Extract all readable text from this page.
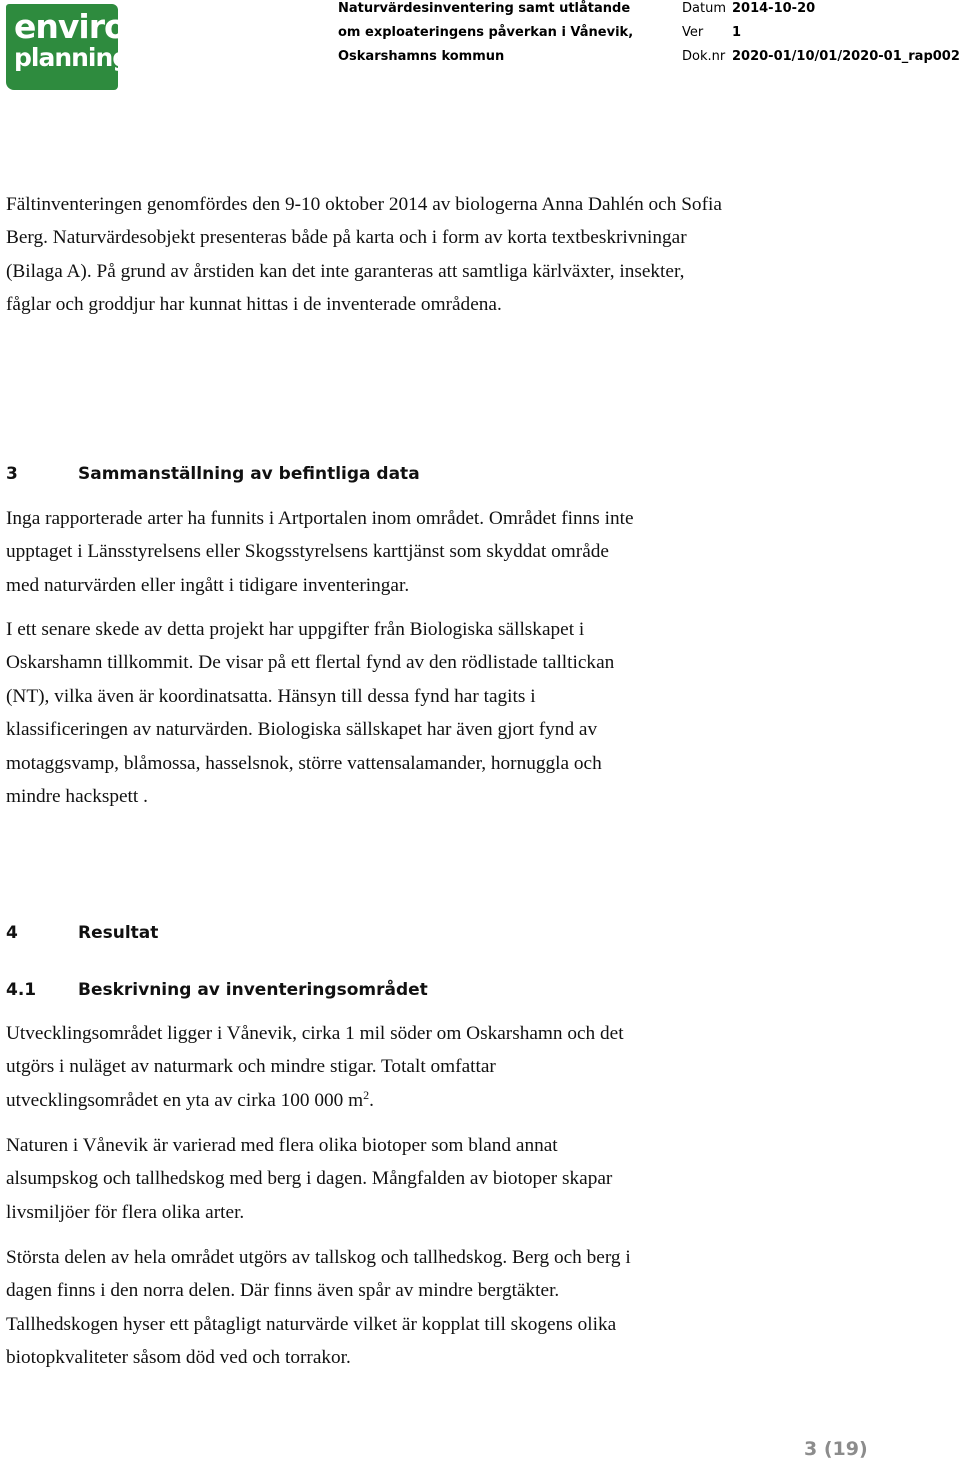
enviro
planning
Naturvärdesinventering samt utlåtande
om exploateringens påverkan i Vånevik,
Oskarshamns kommun
Datum 2014-10-20
Ver 1
Dok.nr 2020-01/10/01/2020-01_rap002

Fältinventeringen genomfördes den 9-10 oktober 2014 av biologerna Anna Dahlén och Sofia Berg. Naturvärdesobjekt presenteras både på karta och i form av korta textbeskrivningar (Bilaga A). På grund av årstiden kan det inte garanteras att samtliga kärlväxter, insekter, fåglar och groddjur har kunnat hittas i de inventerade områdena.

3	Sammanställning av befintliga data

Inga rapporterade arter ha funnits i Artportalen inom området. Området finns inte upptaget i Länsstyrelsens eller Skogsstyrelsens karttjänst som skyddat område med naturvärden eller ingått i tidigare inventeringar.

I ett senare skede av detta projekt har uppgifter från Biologiska sällskapet i Oskarshamn tillkommit. De visar på ett flertal fynd av den rödlistade talltickan (NT), vilka även är koordinatsatta. Hänsyn till dessa fynd har tagits i klassificeringen av naturvärden. Biologiska sällskapet har även gjort fynd av motaggsvamp, blåmossa, hasselsnok, större vattensalamander, hornuggla och mindre hackspett .

4	Resultat
4.1 Beskrivning av inventeringsområdet

Utvecklingsområdet ligger i Vånevik, cirka 1 mil söder om Oskarshamn och det utgörs i nuläget av naturmark och mindre stigar. Totalt omfattar utvecklingsområdet en yta av cirka 100 000 $m^2$.

Naturen i Vånevik är varierad med flera olika biotoper som bland annat alsumpskog och tallhedskog med berg i dagen. Mångfalden av biotoper skapar livsmiljöer för flera olika arter.

Största delen av hela området utgörs av tallskog och tallhedskog. Berg och berg i dagen finns i den norra delen. Där finns även spår av mindre bergtäkter. Tallhedskogen hyser ett påtagligt naturvärde vilket är kopplat till skogens olika biotopkvaliteter såsom död ved och torrakor.

3 (19)
